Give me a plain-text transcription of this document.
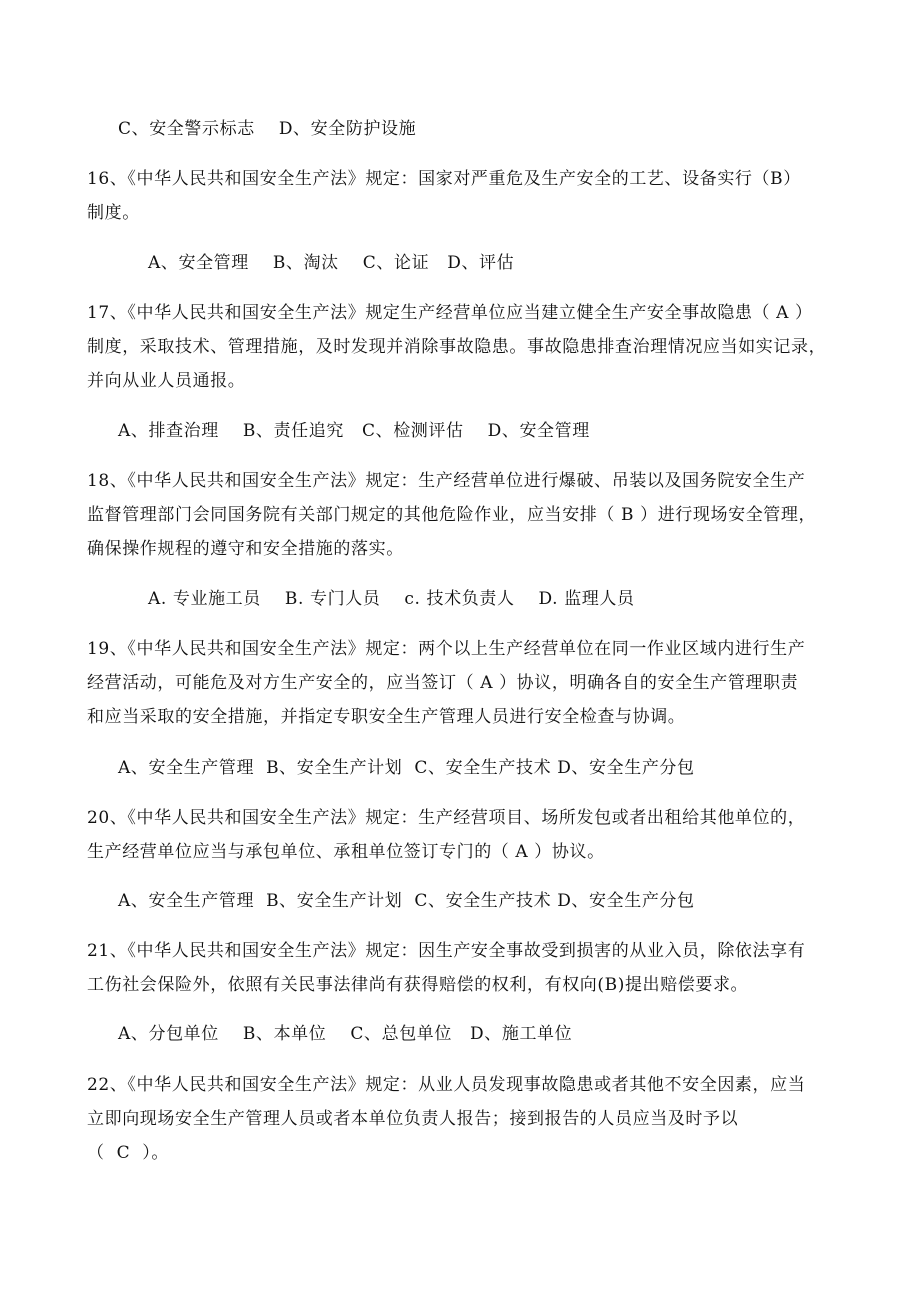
C、安全警示标志    D、安全防护设施
16、《中华人民共和国安全生产法》规定：国家对严重危及生产安全的工艺、设备实行（B）
制度。
A、安全管理    B、淘汰    C、论证   D、评估
17、《中华人民共和国安全生产法》规定生产经营单位应当建立健全生产安全事故隐患（ A ）
制度，采取技术、管理措施，及时发现并消除事故隐患。事故隐患排查治理情况应当如实记录，
并向从业人员通报。
A、排查治理    B、责任追究   C、检测评估    D、安全管理
18、《中华人民共和国安全生产法》规定：生产经营单位进行爆破、吊装以及国务院安全生产
监督管理部门会同国务院有关部门规定的其他危险作业，应当安排（ B ）进行现场安全管理，
确保操作规程的遵守和安全措施的落实。
A. 专业施工员    B. 专门人员    c. 技术负责人    D. 监理人员
19、《中华人民共和国安全生产法》规定：两个以上生产经营单位在同一作业区域内进行生产
经营活动，可能危及对方生产安全的，应当签订（ A ）协议，明确各自的安全生产管理职责
和应当采取的安全措施，并指定专职安全生产管理人员进行安全检查与协调。
A、安全生产管理  B、安全生产计划  C、安全生产技术 D、安全生产分包
20、《中华人民共和国安全生产法》规定：生产经营项目、场所发包或者出租给其他单位的，
生产经营单位应当与承包单位、承租单位签订专门的（ A ）协议。
A、安全生产管理  B、安全生产计划  C、安全生产技术 D、安全生产分包
21、《中华人民共和国安全生产法》规定：因生产安全事故受到损害的从业入员，除依法享有
工伤社会保险外，依照有关民事法律尚有获得赔偿的权利，有权向(B)提出赔偿要求。
A、分包单位    B、本单位    C、总包单位   D、施工单位
22、《中华人民共和国安全生产法》规定：从业人员发现事故隐患或者其他不安全因素，应当
立即向现场安全生产管理人员或者本单位负责人报告；接到报告的人员应当及时予以
（  C  ）。
